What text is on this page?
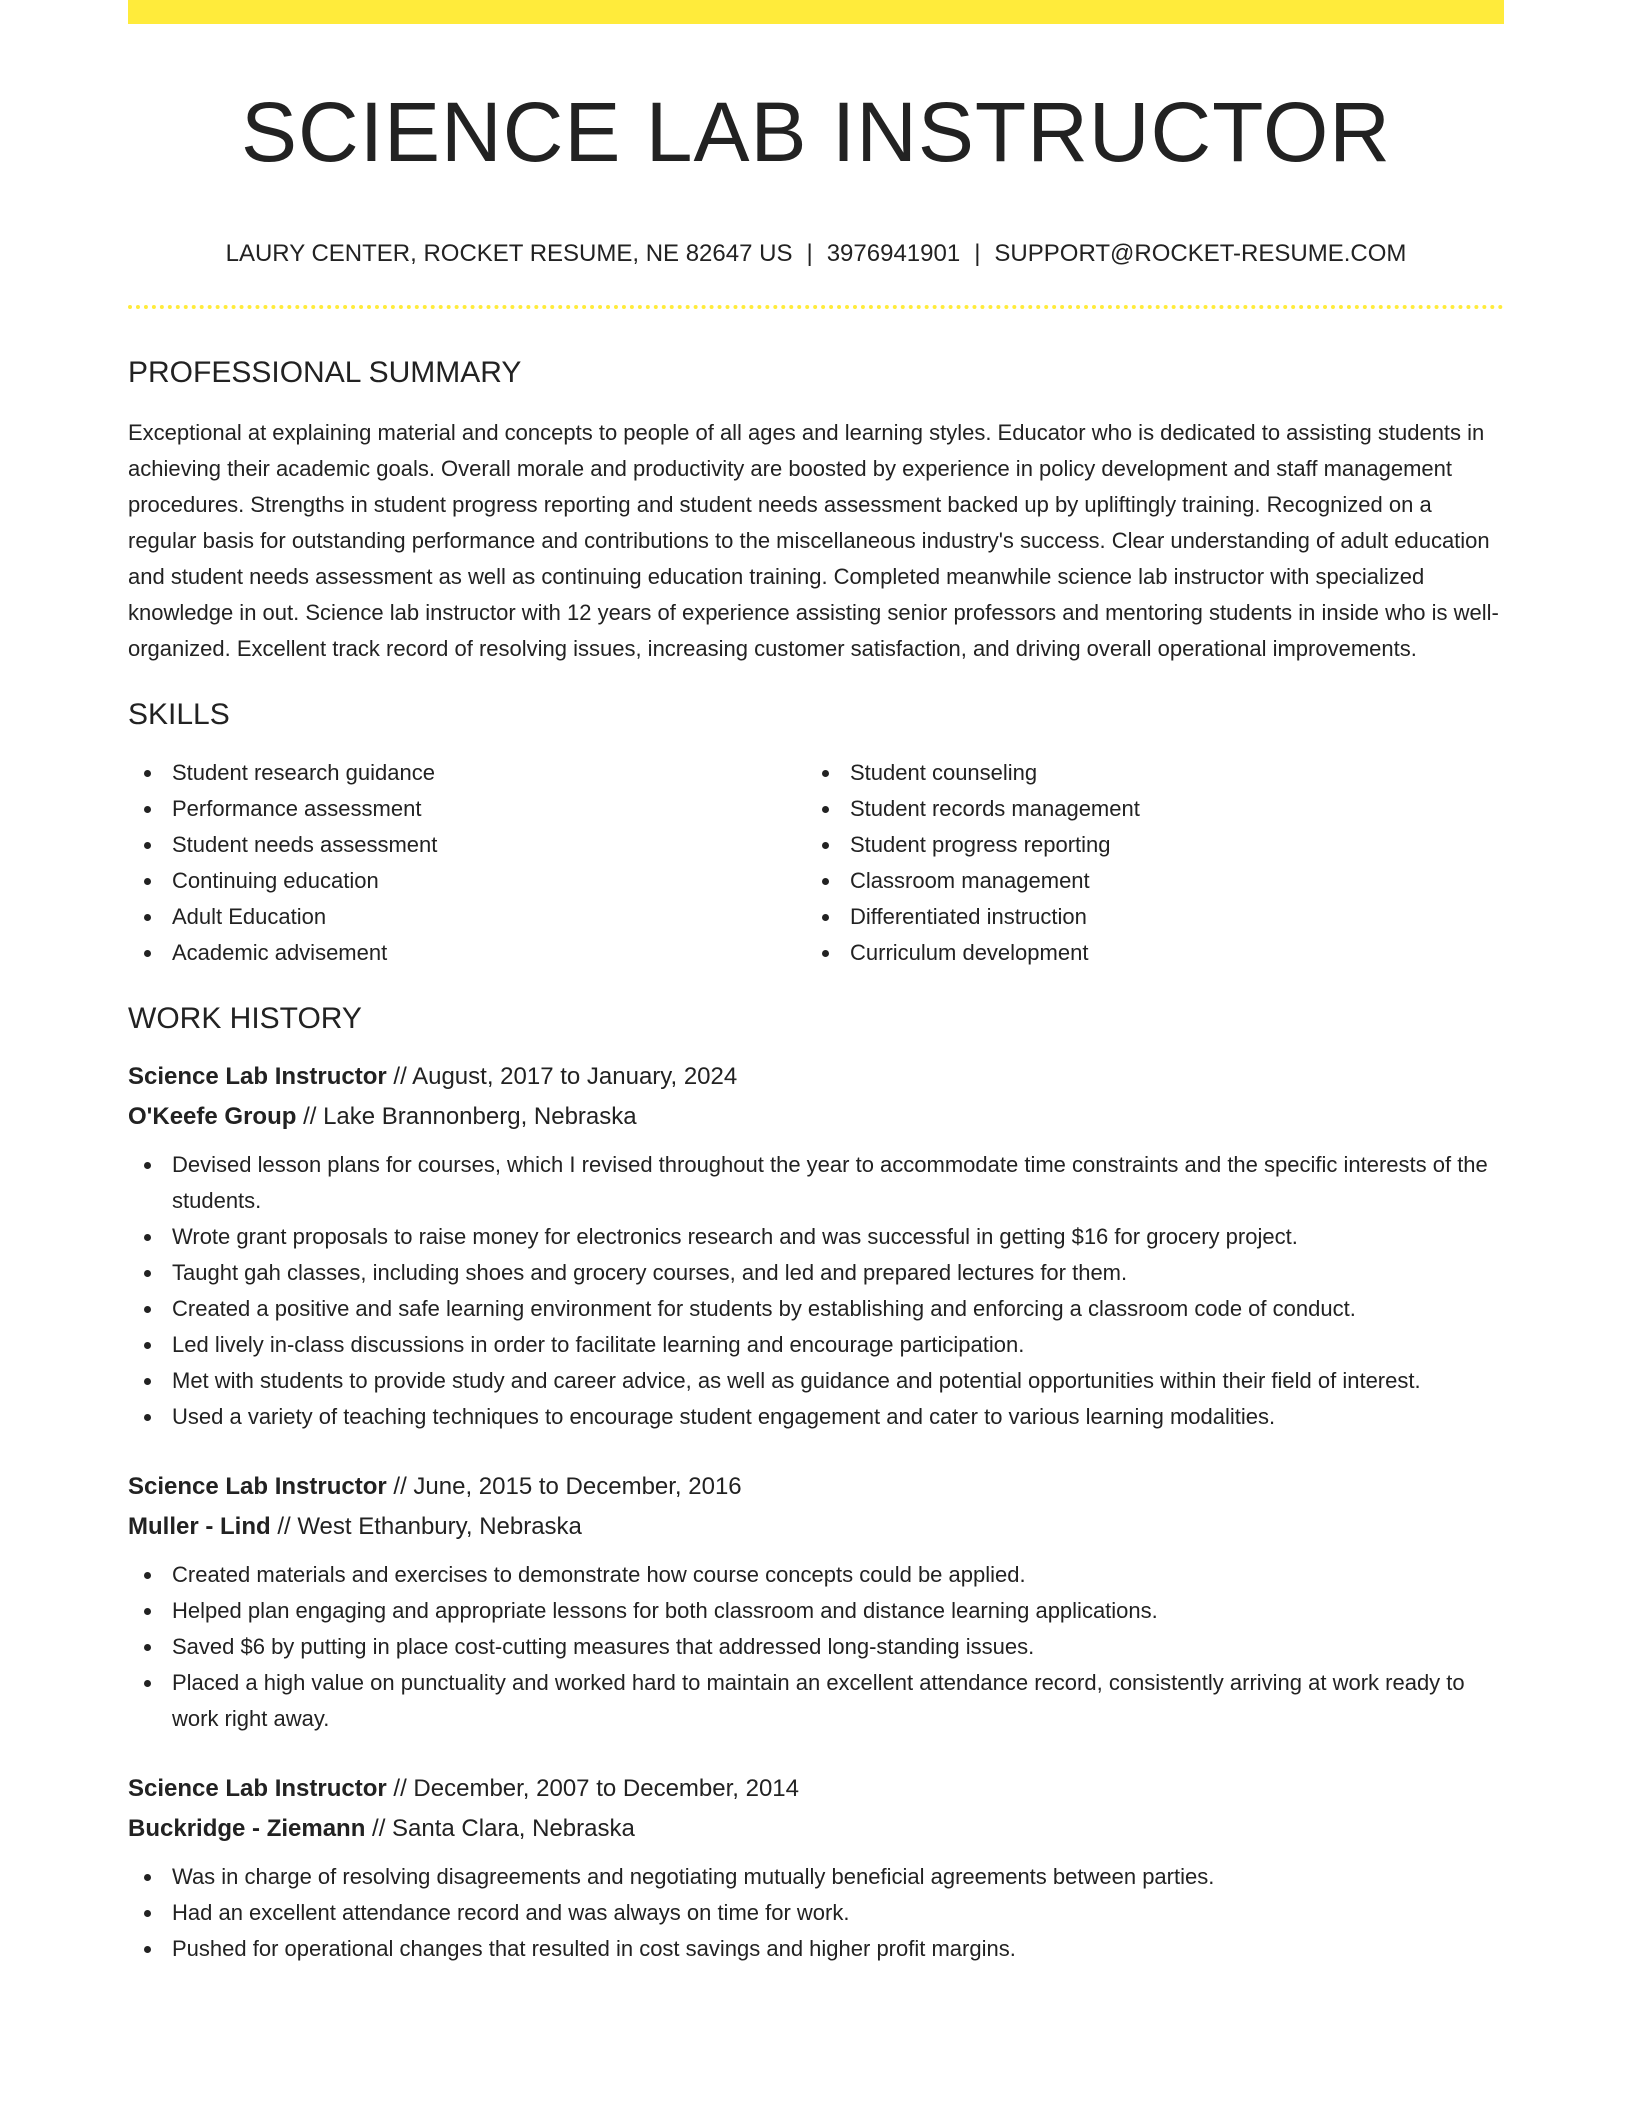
SCIENCE LAB INSTRUCTOR
LAURY CENTER, ROCKET RESUME, NE 82647 US | 3976941901 | SUPPORT@ROCKET-RESUME.COM
PROFESSIONAL SUMMARY

Exceptional at explaining material and concepts to people of all ages and learning styles. Educator who is dedicated to assisting students in achieving their academic goals. Overall morale and productivity are boosted by experience in policy development and staff management procedures. Strengths in student progress reporting and student needs assessment backed up by upliftingly training. Recognized on a regular basis for outstanding performance and contributions to the miscellaneous industry's success. Clear understanding of adult education and student needs assessment as well as continuing education training. Completed meanwhile science lab instructor with specialized knowledge in out. Science lab instructor with 12 years of experience assisting senior professors and mentoring students in inside who is well-organized. Excellent track record of resolving issues, increasing customer satisfaction, and driving overall operational improvements.

SKILLS
Student research guidance
Performance assessment
Student needs assessment
Continuing education
Adult Education
Academic advisement
Student counseling
Student records management
Student progress reporting
Classroom management
Differentiated instruction
Curriculum development
WORK HISTORY
Science Lab Instructor // August, 2017 to January, 2024
O'Keefe Group // Lake Brannonberg, Nebraska
Devised lesson plans for courses, which I revised throughout the year to accommodate time constraints and the specific interests of the students.
Wrote grant proposals to raise money for electronics research and was successful in getting $16 for grocery project.
Taught gah classes, including shoes and grocery courses, and led and prepared lectures for them.
Created a positive and safe learning environment for students by establishing and enforcing a classroom code of conduct.
Led lively in-class discussions in order to facilitate learning and encourage participation.
Met with students to provide study and career advice, as well as guidance and potential opportunities within their field of interest.
Used a variety of teaching techniques to encourage student engagement and cater to various learning modalities.
Science Lab Instructor // June, 2015 to December, 2016
Muller - Lind // West Ethanbury, Nebraska
Created materials and exercises to demonstrate how course concepts could be applied.
Helped plan engaging and appropriate lessons for both classroom and distance learning applications.
Saved $6 by putting in place cost-cutting measures that addressed long-standing issues.
Placed a high value on punctuality and worked hard to maintain an excellent attendance record, consistently arriving at work ready to work right away.
Science Lab Instructor // December, 2007 to December, 2014
Buckridge - Ziemann // Santa Clara, Nebraska
Was in charge of resolving disagreements and negotiating mutually beneficial agreements between parties.
Had an excellent attendance record and was always on time for work.
Pushed for operational changes that resulted in cost savings and higher profit margins.
